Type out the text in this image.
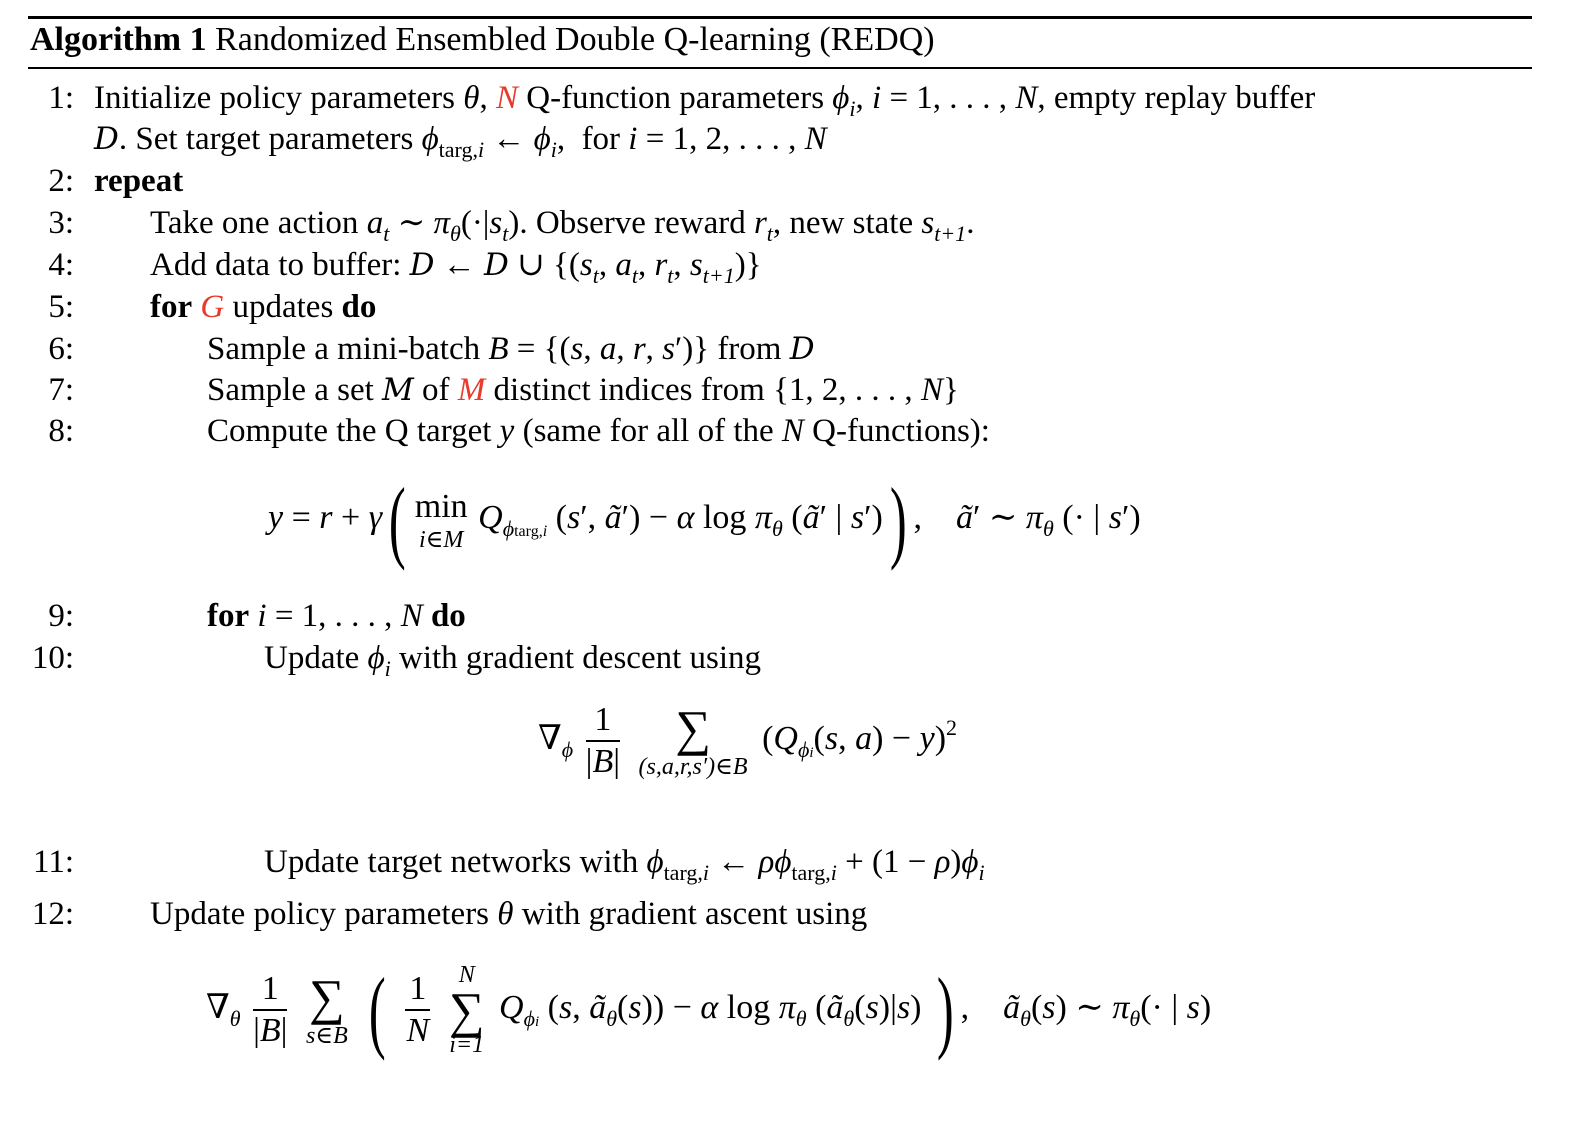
Algorithm 1 Randomized Ensembled Double Q-learning (REDQ)
1: Initialize policy parameters θ, N Q-function parameters $\phi_i$, i = 1, . . . , N, empty replay buffer
D. Set target parameters $\phi_{targ,i}$ ← $\phi_i$,  for i = 1, 2, . . . , N
2: repeat
3: Take one action $a_t$ ∼ $\pi_\theta(\cdot|s_t)$. Observe reward $r_t$, new state $s_{t+1}$.
4: Add data to buffer: D ← D ∪ {($s_t$, $a_t$, $r_t$, $s_{t+1}$)}
5: for G updates do
6:	Sample a mini-batch B = {(s, a, r, s′)} from D
7:	Sample a set M of M distinct indices from {1, 2, . . . , N}
8:	Compute the Q target y (same for all of the N Q-functions):
y = r + γ( min
i∈M
$Q_{\phi targ,i}$ (s′, ã′) − α $\log \pi_\theta$ (ã′ | s′)) ,    ã′ ∼ $\pi_\theta$ (· | s′)
9:	for i = 1, . . . , N do
10:	Update $\phi_i$ with gradient descent using
$\nabla_\phi \frac{1}{|B|}$
	∑
(s,a,r,s′)∈B
($Q_{\phi i}(s$, a) − y)$^2$
11:	Update target networks with $\phi_{targ,i}$ ← $\rho\phi_{targ,i} + (1 - \rho)\phi_i$
12: Update policy parameters θ with gradient ascent using
$\nabla_\theta \frac{1}{|B|}$
∑
s∈B ( $\frac{1}{N}$
	N
∑
i=1
$Q_{\phi i}$ (s, $ã_\theta(s)) - \alpha$ $\log \pi_\theta$ $(ã_\theta(s)|s)$ ) ,    $ã_\theta(s)$ ∼ $\pi_\theta(\cdot$ | s)
